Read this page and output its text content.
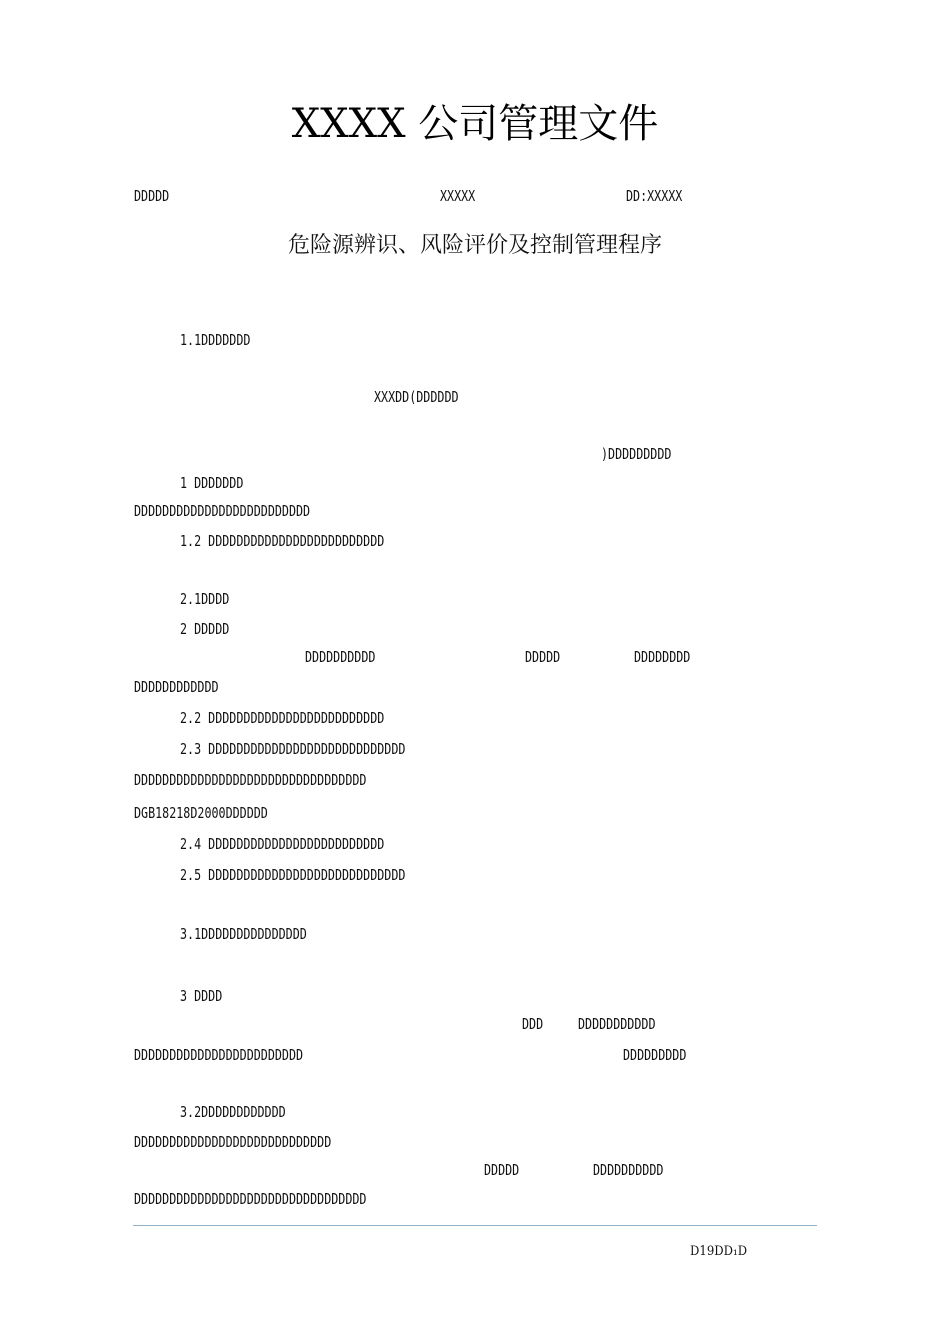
XXXX 公司管理文件
DDDDD	XXXXX	DD:XXXXX
危险源辨识、风险评价及控制管理程序
1.1DDDDDDD
XXXDD(DDDDDD
)DDDDDDDDD
1 DDDDDDD
DDDDDDDDDDDDDDDDDDDDDDDDD
1.2 DDDDDDDDDDDDDDDDDDDDDDDDD
2.1DDDD
2 DDDDD
DDDDDDDDDD	DDDDD	DDDDDDDD
DDDDDDDDDDDD
2.2 DDDDDDDDDDDDDDDDDDDDDDDDD
2.3 DDDDDDDDDDDDDDDDDDDDDDDDDDDD
DDDDDDDDDDDDDDDDDDDDDDDDDDDDDDDDD
DGB18218D2000DDDDDD
2.4 DDDDDDDDDDDDDDDDDDDDDDDDD
2.5 DDDDDDDDDDDDDDDDDDDDDDDDDDDD
3.1DDDDDDDDDDDDDDD
3 DDDD
DDD DDDDDDDDDDD
DDDDDDDDDDDDDDDDDDDDDDDD	DDDDDDDDD
3.2DDDDDDDDDDDD
DDDDDDDDDDDDDDDDDDDDDDDDDDDD
DDDDD	DDDDDDDDDD
DDDDDDDDDDDDDDDDDDDDDDDDDDDDDDDDD
D19DD₁D
